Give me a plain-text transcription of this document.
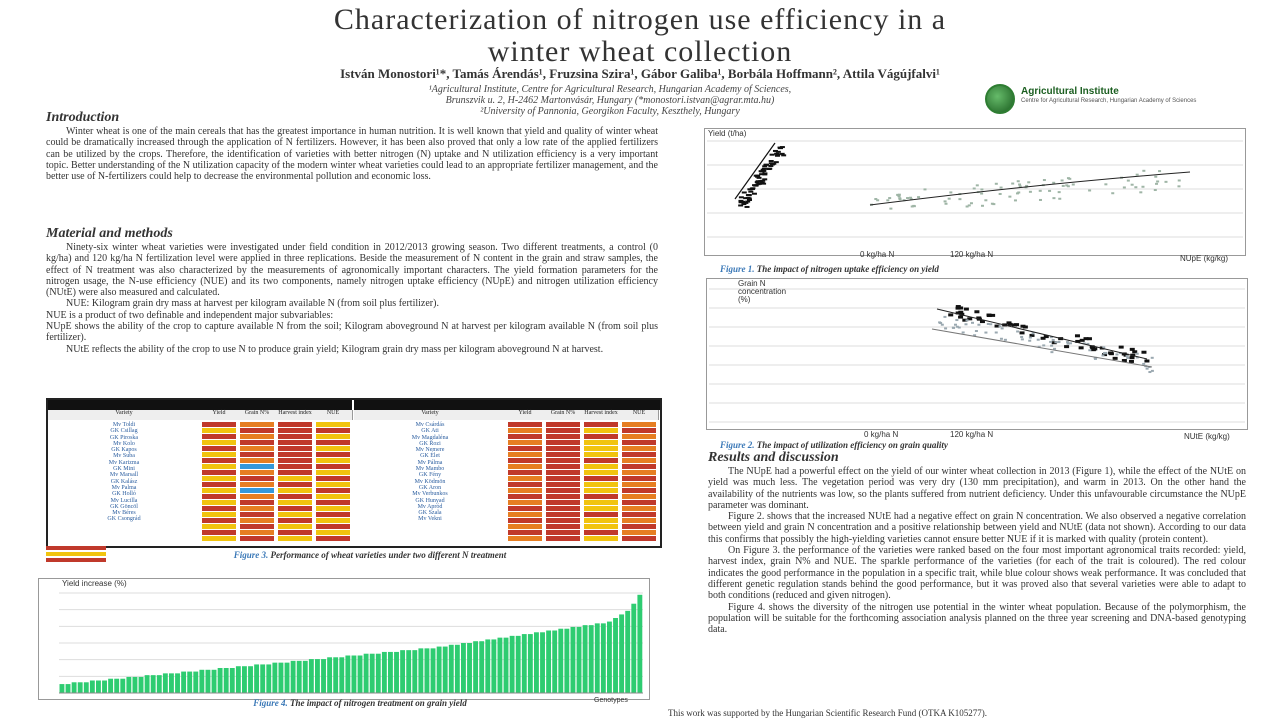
Characterization of nitrogen use efficiency in a
winter wheat collection
István Monostori¹*, Tamás Árendás¹, Fruzsina Szira¹, Gábor Galiba¹, Borbála Hoffmann², Attila Vágújfalvi¹
¹Agricultural Institute, Centre for Agricultural Research, Hungarian Academy of Sciences,
Brunszvik u. 2, H-2462 Martonvásár, Hungary (*monostori.istvan@agrar.mta.hu)
²University of Pannonia, Georgikon Faculty, Keszthely, Hungary
Agricultural Institute
Centre for Agricultural Research, Hungarian Academy of Sciences
Introduction
Winter wheat is one of the main cereals that has the greatest importance in human nutrition. It is well known that yield and quality of winter wheat could be dramatically increased through the application of N fertilizers. However, it has been also proved that only a low rate of the applied fertilizers can be utilized by the crops. Therefore, the identification of varieties with better nitrogen (N) uptake and N utilization efficiency is a very important topic. Better understanding of the N utilization capacity of the modern winter wheat varieties could lead to an appropriate fertilizer management, and the better use of N-fertilizers could help to decrease the environmental pollution and economic loss.
Material and methods
Ninety-six winter wheat varieties were investigated under field condition in 2012/2013 growing season. Two different treatments, a control (0 kg/ha) and 120 kg/ha N fertilization level were applied in three replications. Beside the measurement of N content in the grain and straw samples, the effect of N treatment was also characterized by the measurements of agronomically important characters. The yield formation parameters for the nitrogen usage, the N-use efficiency (NUE) and its two components, namely nitrogen uptake efficiency (NUpE) and nitrogen utilization efficiency (NUtE) were also measured and calculated.
NUE: Kilogram grain dry mass at harvest per kilogram available N (from soil plus fertilizer).
NUE is a product of two definable and independent major subvariables:
NUpE shows the ability of the crop to capture available N from the soil; Kilogram aboveground N at harvest per kilogram available N (from soil plus fertilizer).
NUtE reflects the ability of the crop to use N to produce grain yield; Kilogram grain dry mass per kilogram aboveground N at harvest.
Variety	Yield	Grain N%	Harvest index	NUE	Variety	Yield	Grain N%	Harvest index	NUE
Mv Toldi
GK Csillag
GK Piroska
Mv Kolo
GK Kapos
Mv Suba
Mv Karizma
GK Mini
Mv Marsall
GK Kalász
Mv Palma
GK Holló
Mv Lucilla
GK Göncöl
Mv Béres
GK Csongrád
Mv Csárdás
GK Ati
Mv Magdaléna
GK Rozi
Mv Nemere
GK Élet
Mv Pálma
Mv Mambo
GK Fény
Mv Ködmön
GK Aron
Mv Verbunkos
GK Hunyad
Mv Apród
GK Szala
Mv Vekni
Figure 3. Performance of wheat varieties under two different N treatment
Yield increase (%)
Genotypes
Figure 4. The impact of nitrogen treatment on grain yield
Yield (t/ha)
0 kg/ha N	120 kg/ha N	NUpE (kg/kg)
Figure 1. The impact of nitrogen uptake efficiency on yield
Grain N
concentration
(%)
0 kg/ha N	120 kg/ha N	NUtE (kg/kg)
Figure 2. The impact of utilization efficiency on grain quality
Results and discussion
The NUpE had a powerful effect on the yield of our winter wheat collection in 2013 (Figure 1), while the effect of the NUtE on yield was much less. The vegetation period was very dry (130 mm precipitation), and warm in 2013. On the other hand the availability of the nutrients was low, so the plants suffered from nutrient deficiency. Under this unfavourable circumstance the NUpE parameter was dominant.
Figure 2. shows that the increased NUtE had a negative effect on grain N concentration. We also observed a negative correlation between yield and grain N concentration and a positive relationship between yield and NUtE (data not shown). According to our data this confirms that possibly the high-yielding varieties cannot ensure better NUE if it is marked with quality (protein content).
On Figure 3. the performance of the varieties were ranked based on the four most important agronomical traits recorded: yield, harvest index, grain N% and NUE. The sparkle performance of the varieties (for each of the trait is coloured). The red colour indicates the good performance in the population in a specific trait, while blue colour shows weak performance. It was concluded that different genetic regulation stands behind the good performance, but it was proved also that several varieties were able to adapt to both conditions (reduced and given nitrogen).
Figure 4. shows the diversity of the nitrogen use potential in the winter wheat population. Because of the polymorphism, the population will be suitable for the forthcoming association analysis planned on the three year screening and DNA-based genotyping data.
This work was supported by the Hungarian Scientific Research Fund (OTKA K105277).
